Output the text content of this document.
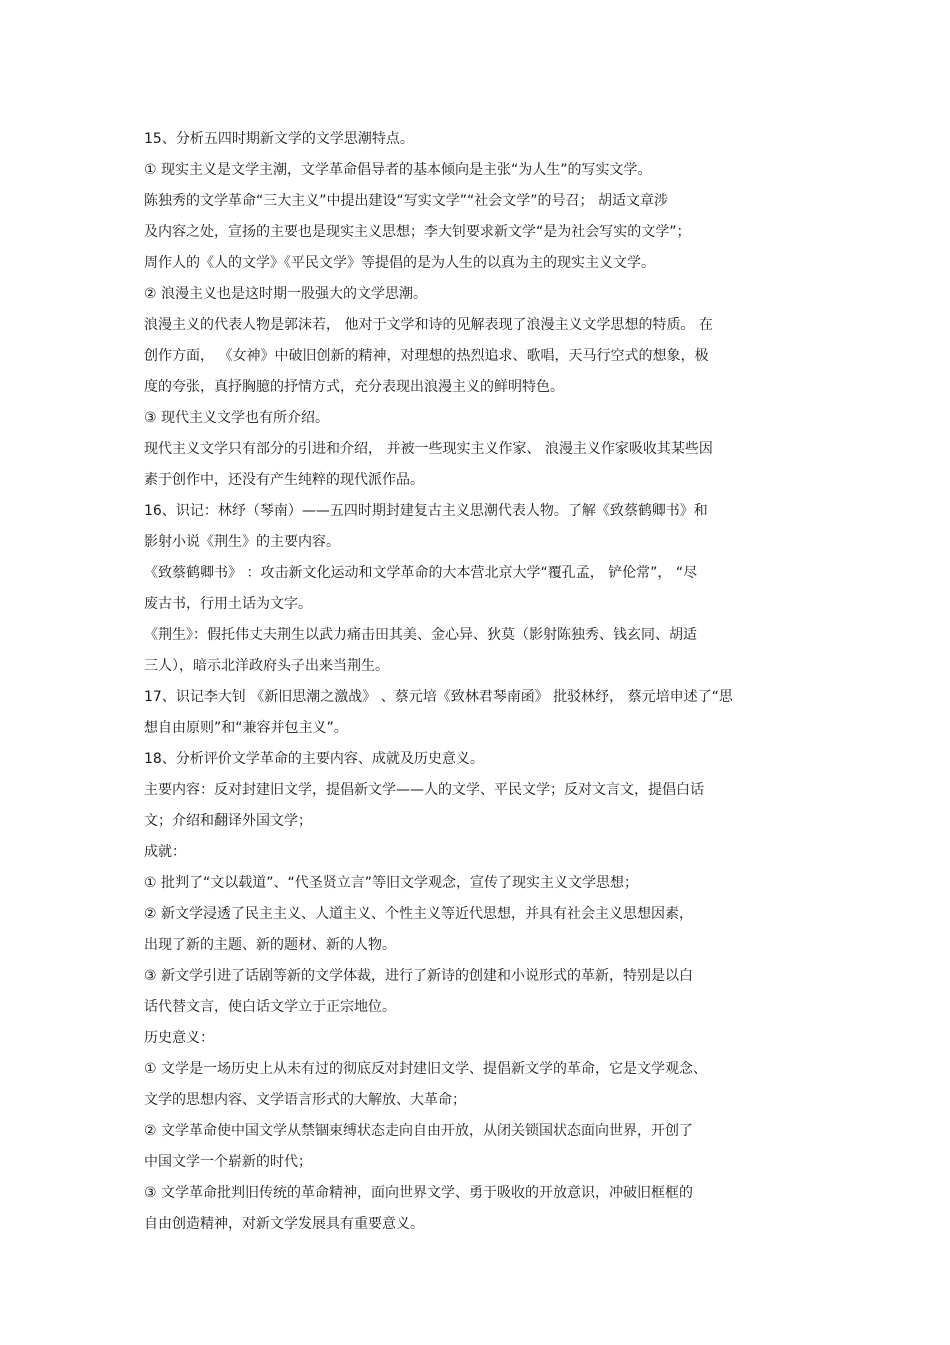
15、分析五四时期新文学的文学思潮特点。
① 现实主义是文学主潮，文学革命倡导者的基本倾向是主张“为人生”的写实文学。
陈独秀的文学革命“三大主义”中提出建设“写实文学”“社会文学”的号召； 胡适文章涉
及内容之处，宣扬的主要也是现实主义思想；李大钊要求新文学“是为社会写实的文学”；
周作人的《人的文学》《平民文学》等提倡的是为人生的以真为主的现实主义文学。
② 浪漫主义也是这时期一股强大的文学思潮。
浪漫主义的代表人物是郭沫若， 他对于文学和诗的见解表现了浪漫主义文学思想的特质。 在
创作方面， 《女神》中破旧创新的精神，对理想的热烈追求、歌唱，天马行空式的想象，极
度的夸张，真抒胸臆的抒情方式，充分表现出浪漫主义的鲜明特色。
③ 现代主义文学也有所介绍。
现代主义文学只有部分的引进和介绍， 并被一些现实主义作家、 浪漫主义作家吸收其某些因
素于创作中，还没有产生纯粹的现代派作品。
16、识记：林纾（琴南）——五四时期封建复古主义思潮代表人物。了解《致蔡鹤卿书》和
影射小说《荆生》的主要内容。
《致蔡鹤卿书》 ：攻击新文化运动和文学革命的大本营北京大学“覆孔孟， 铲伦常”， “尽
废古书，行用土话为文字。
《荆生》：假托伟丈夫荆生以武力痛击田其美、金心异、狄莫（影射陈独秀、钱玄同、胡适
三人），暗示北洋政府头子出来当荆生。
17、识记李大钊 《新旧思潮之激战》 、蔡元培《致林君琴南函》 批驳林纾， 蔡元培申述了“思
想自由原则”和“兼容并包主义”。
18、分析评价文学革命的主要内容、成就及历史意义。
主要内容：反对封建旧文学，提倡新文学——人的文学、平民文学；反对文言文，提倡白话
文；介绍和翻译外国文学；
成就：
① 批判了“文以载道”、“代圣贤立言”等旧文学观念，宣传了现实主义文学思想；
② 新文学浸透了民主主义、人道主义、个性主义等近代思想，并具有社会主义思想因素，
出现了新的主题、新的题材、新的人物。
③ 新文学引进了话剧等新的文学体裁，进行了新诗的创建和小说形式的革新，特别是以白
话代替文言，使白话文学立于正宗地位。
历史意义：
① 文学是一场历史上从未有过的彻底反对封建旧文学、提倡新文学的革命，它是文学观念、
文学的思想内容、文学语言形式的大解放、大革命；
② 文学革命使中国文学从禁锢束缚状态走向自由开放，从闭关锁国状态面向世界，开创了
中国文学一个崭新的时代；
③ 文学革命批判旧传统的革命精神，面向世界文学、勇于吸收的开放意识，冲破旧框框的
自由创造精神，对新文学发展具有重要意义。
